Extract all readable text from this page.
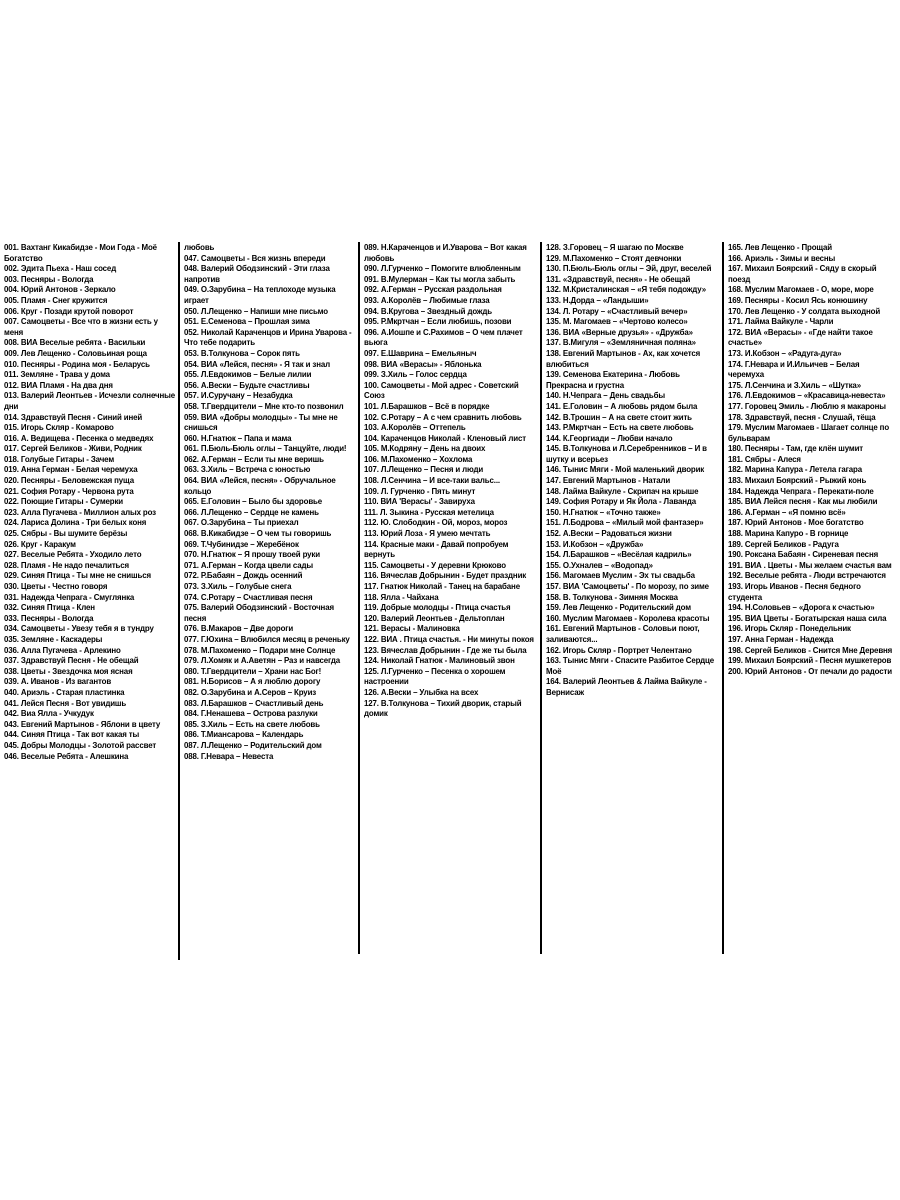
001. Вахтанг Кикабидзе - Мои Года - Моё Богатство
002. Эдита Пьеха - Наш сосед
003. Песняры - Вологда
004. Юрий Антонов - Зеркало
005. Пламя - Снег кружится
006. Круг - Позади крутой поворот
007. Самоцветы - Все что в жизни есть у меня
008. ВИА Веселые ребята - Васильки
009. Лев Лещенко - Соловьиная роща
010. Песняры - Родина моя - Беларусь
011. Земляне - Трава у дома
012. ВИА Пламя - На два дня
013. Валерий Леонтьев - Исчезли солнечные дни
014. Здравствуй Песня - Синий иней
015. Игорь Скляр - Комарово
016. А. Ведищева - Песенка о медведях
017. Сергей Беликов - Живи, Родник
018. Голубые Гитары - Зачем
019. Анна Герман - Белая черемуха
020. Песняры - Беловежская пуща
021. София Ротару - Червона рута
022. Поющие Гитары - Сумерки
023. Алла Пугачева - Миллион алых роз
024. Лариса Долина - Три белых коня
025. Сябры - Вы шумите берёзы
026. Круг - Каракум
027. Веселые Ребята - Уходило лето
028. Пламя - Не надо печалиться
029. Синяя Птица - Ты мне не снишься
030. Цветы - Честно говоря
031. Надежда Чепрага - Смуглянка
032. Синяя Птица - Клен
033. Песняры - Вологда
034. Самоцветы - Увезу тебя я в тундру
035. Земляне - Каскадеры
036. Алла Пугачева - Арлекино
037. Здравствуй Песня - Не обещай
038. Цветы - Звездочка моя ясная
039. А. Иванов - Из вагантов
040. Ариэль - Старая пластинка
041. Лейся Песня - Вот увидишь
042. Виа Ялла - Учкудук
043. Евгений Мартынов - Яблони в цвету
044. Синяя Птица - Так вот какая ты
045. Добры Молодцы - Золотой рассвет
046. Веселые Ребята - Алешкина
любовь
047. Самоцветы - Вся жизнь впереди
048. Валерий Ободзинский - Эти глаза напротив
049. О.Зарубина – На теплоходе музыка играет
050. Л.Лещенко – Напиши мне письмо
051. Е.Семенова – Прошлая зима
052. Николай Караченцов и Ирина Уварова - Что тебе подарить
053. В.Толкунова – Сорок пять
054. ВИА «Лейся, песня» - Я так и знал
055. Л.Евдокимов – Белые лилии
056. А.Вески – Будьте счастливы
057. И.Суручану – Незабудка
058. Т.Гвердцители – Мне кто-то позвонил
059. ВИА «Добры молодцы» - Ты мне не снишься
060. Н.Гнатюк – Папа и мама
061. П.Бюль-Бюль оглы – Танцуйте, люди!
062. А.Герман – Если ты мне веришь
063. З.Хиль – Встреча с юностью
064. ВИА «Лейся, песня» - Обручальное кольцо
065. Е.Головин – Было бы здоровье
066. Л.Лещенко – Сердце не камень
067. О.Зарубина – Ты приехал
068. В.Кикабидзе – О чем ты говоришь
069. Т.Чубинидзе – Жеребёнок
070. Н.Гнатюк – Я прошу твоей руки
071. А.Герман – Когда цвели сады
072. Р.Бабаян – Дождь осенний
073. З.Хиль – Голубые снега
074. С.Ротару – Счастливая песня
075. Валерий Ободзинский - Восточная песня
076. В.Макаров – Две дороги
077. Г.Юхина – Влюбился месяц в реченьку
078. М.Пахоменко – Подари мне Солнце
079. Л.Хомяк и А.Аветян – Раз и навсегда
080. Т.Гвердцители – Храни нас Бог!
081. Н.Борисов – А я люблю дорогу
082. О.Зарубина и А.Серов – Круиз
083. Л.Барашков – Счастливый день
084. Г.Ненашева – Острова разлуки
085. З.Хиль – Есть на свете любовь
086. Т.Миансарова – Календарь
087. Л.Лещенко – Родительский дом
088. Г.Невара – Невеста
089. Н.Караченцов и И.Уварова – Вот какая любовь
090. Л.Гурченко – Помогите влюбленным
091. В.Мулерман – Как ты могла забыть
092. А.Герман – Русская раздольная
093. А.Королёв – Любимые глаза
094. В.Кругова – Звездный дождь
095. Р.Мкртчан – Если любишь, позови
096. А.Иошпе и С.Рахимов – О чем плачет вьюга
097. Е.Шаврина – Емельяныч
098. ВИА «Верасы» - Яблонька
099. З.Хиль – Голос сердца
100. Самоцветы - Мой адрес - Советский Союз
101. Л.Барашков – Всё в порядке
102. С.Ротару – А с чем сравнить любовь
103. А.Королёв – Оттепель
104. Караченцов Николай - Кленовый лист
105. М.Кодряну – День на двоих
106. М.Пахоменко – Хохлома
107. Л.Лещенко – Песня и люди
108. Л.Сенчина – И все-таки вальс...
109. Л. Гурченко - Пять минут
110. ВИА 'Верасы' - Завируха
111. Л. Зыкина - Русская метелица
112. Ю. Слободкин - Ой, мороз, мороз
113. Юрий Лоза - Я умею мечтать
114. Красные маки - Давай попробуем вернуть
115. Самоцветы - У деревни Крюково
116. Вячеслав Добрынин - Будет праздник
117. Гнатюк Николай - Танец на барабане
118. Ялла - Чайхана
119. Добрые молодцы - Птица счастья
120. Валерий Леонтьев - Дельтоплан
121. Верасы - Малиновка
122. ВИА . Птица счастья. - Ни минуты покоя
123. Вячеслав Добрынин - Где же ты была
124. Николай Гнатюк - Малиновый звон
125. Л.Гурченко – Песенка о хорошем настроении
126. А.Вески – Улыбка на всех
127. В.Толкунова – Тихий дворик, старый домик
128. З.Горовец – Я шагаю по Москве
129. М.Пахоменко – Стоят девчонки
130. П.Бюль-Бюль оглы – Эй, друг, веселей
131. «Здравствуй, песня» - Не обещай
132. М.Кристалинская – «Я тебя подожду»
133. Н.Дорда – «Ландыши»
134. Л. Ротару – «Счастливый вечер»
135. М. Магомаев – «Чертово колесо»
136. ВИА «Верные друзья» - «Дружба»
137. В.Мигуля – «Земляничная поляна»
138. Евгений Мартынов - Ах, как хочется влюбиться
139. Семенова Екатерина - Любовь Прекрасна и грустна
140. Н.Чепрага – День свадьбы
141. Е.Головин – А любовь рядом была
142. В.Трошин – А на свете стоит жить
143. Р.Мкртчан – Есть на свете любовь
144. К.Георгиади – Любви начало
145. В.Толкунова и Л.Серебренников – И в шутку и всерьез
146. Тынис Мяги - Мой маленький дворик
147. Евгений Мартынов - Натали
148. Лайма Вайкуле - Скрипач на крыше
149. София Ротару и Як Йола - Лаванда
150. Н.Гнатюк – «Точно также»
151. Л.Бодрова – «Милый мой фантазер»
152. А.Вески – Радоваться жизни
153. И.Кобзон – «Дружба»
154. Л.Барашков – «Весёлая кадриль»
155. О.Ухналев – «Водопад»
156. Магомаев Муслим - Эх ты свадьба
157. ВИА 'Самоцветы' - По морозу, по зиме
158. В. Толкунова - Зимняя Москва
159. Лев Лещенко - Родительский дом
160. Муслим Магомаев - Королева красоты
161. Евгений Мартынов - Соловьи поют, заливаются...
162. Игорь Скляр - Портрет Челентано
163. Тынис Мяги - Спасите Разбитое Сердце Моё
164. Валерий Леонтьев & Лайма Вайкуле - Вернисаж
165. Лев Лещенко - Прощай
166. Ариэль - Зимы и весны
167. Михаил Боярский - Сяду в скорый поезд
168. Муслим Магомаев - О, море, море
169. Песняры - Косил Ясь конюшину
170. Лев Лещенко - У солдата выходной
171. Лайма Вайкуле - Чарли
172. ВИА «Верасы» - «Где найти такое счастье»
173. И.Кобзон – «Радуга-дуга»
174. Г.Невара и И.Ильичев – Белая черемуха
175. Л.Сенчина и З.Хиль – «Шутка»
176. Л.Евдокимов – «Красавица-невеста»
177. Горовец Эмиль - Люблю я макароны
178. Здравствуй, песня - Слушай, тёща
179. Муслим Магомаев - Шагает солнце по бульварам
180. Песняры - Там, где клён шумит
181. Сябры - Алеся
182. Марина Капура - Летела гагара
183. Михаил Боярский - Рыжий конь
184. Надежда Чепрага - Перекати-поле
185. ВИА Лейся песня - Как мы любили
186. А.Герман – «Я помню всё»
187. Юрий Антонов - Мое богатство
188. Марина Капуро - В горнице
189. Сергей Беликов - Радуга
190. Роксана Бабаян - Сиреневая песня
191. ВИА . Цветы - Мы желаем счастья вам
192. Веселые ребята - Люди встречаются
193. Игорь Иванов - Песня бедного студента
194. Н.Соловьев – «Дорога к счастью»
195. ВИА Цветы - Богатырская наша сила
196. Игорь Скляр - Понедельник
197. Анна Герман - Надежда
198. Сергей Беликов - Снится Мне Деревня
199. Михаил Боярский - Песня мушкетеров
200. Юрий Антонов - От печали до радости
